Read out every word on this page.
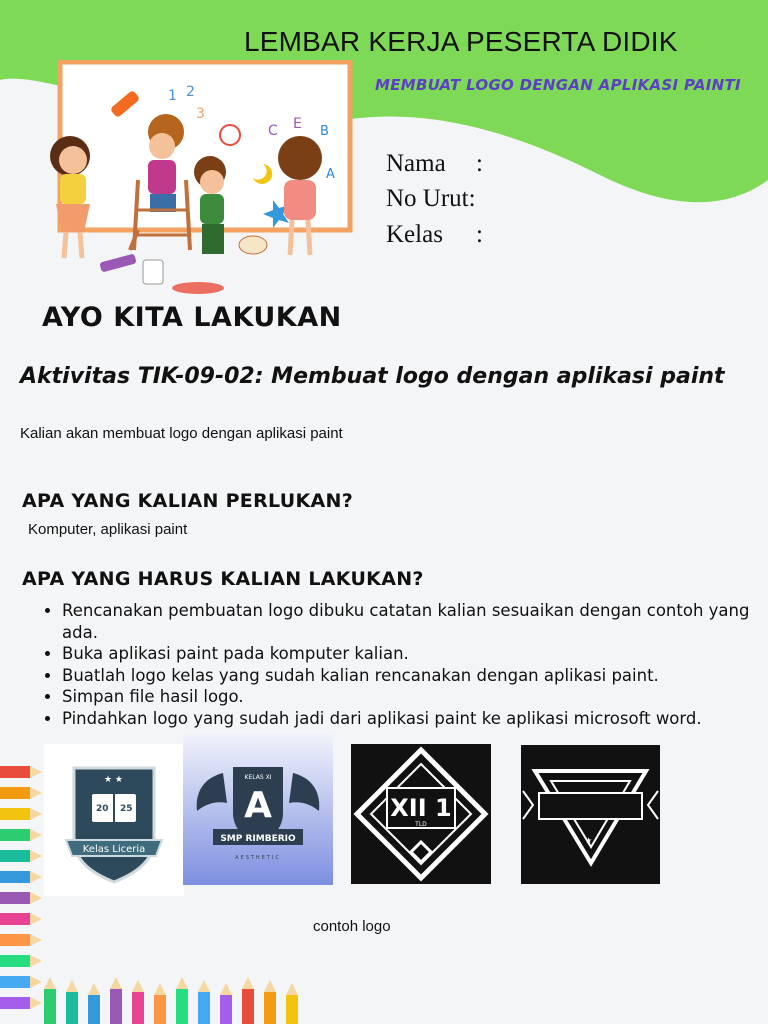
1 2
3
C E B
A
LEMBAR KERJA PESERTA DIDIK
MEMBUAT LOGO DENGAN APLIKASI PAINTI
Nama :
No Urut:
Kelas :
AYO KITA LAKUKAN
Aktivitas TIK-09-02: Membuat logo dengan aplikasi paint
Kalian akan membuat logo dengan aplikasi paint
APA YANG KALIAN PERLUKAN?
Komputer, aplikasi paint
APA YANG HARUS KALIAN LAKUKAN?
• Rencanakan pembuatan logo dibuku catatan kalian sesuaikan dengan contoh yang ada.
• Buka aplikasi paint pada komputer kalian.
• Buatlah logo kelas yang sudah kalian rencanakan dengan aplikasi paint.
• Simpan file hasil logo.
• Pindahkan logo yang sudah jadi dari aplikasi paint ke aplikasi microsoft word.
★ ★
20 25
Kelas Liceria
KELAS XI
A
SMP RIMBERIO
AESTHETIC
XII 1
TLD
★
contoh logo
